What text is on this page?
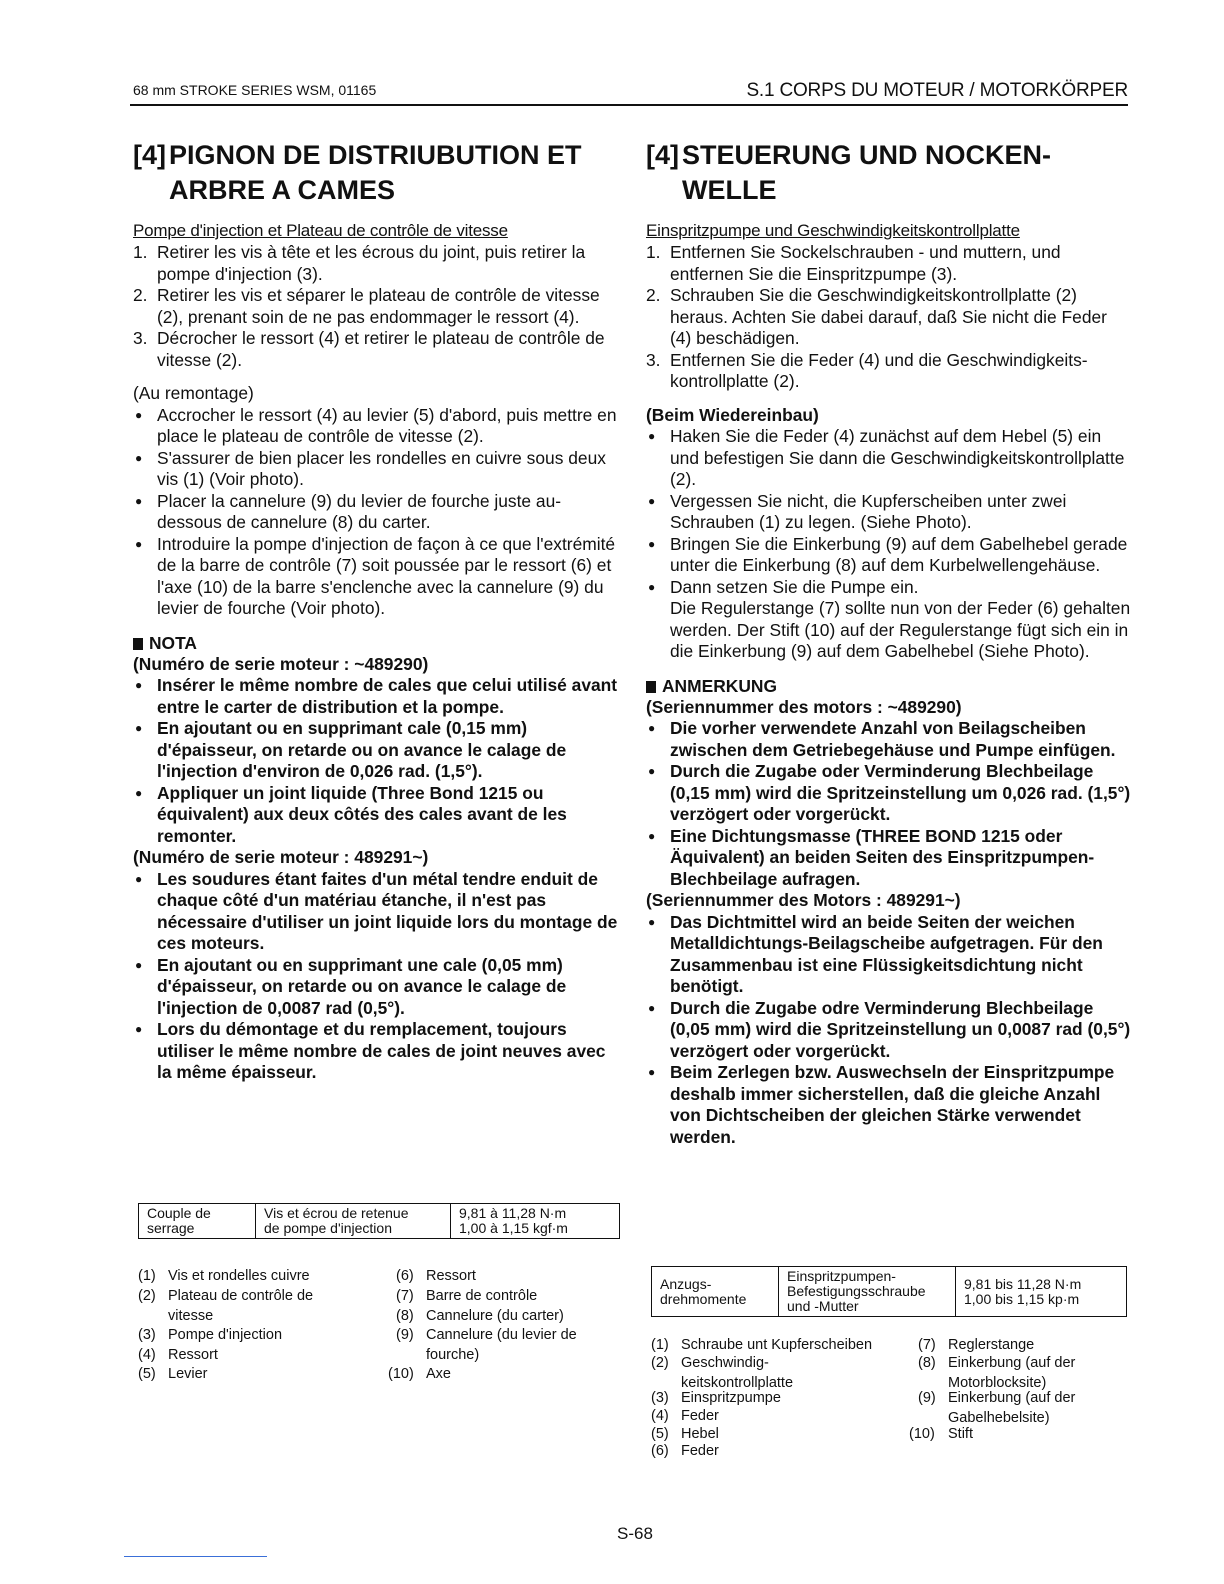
68 mm STROKE SERIES WSM, 01165	S.1 CORPS DU MOTEUR / MOTORKÖRPER
[4] PIGNON DE DISTRIUBUTION ET
ARBRE A CAMES
Pompe d'injection et Plateau de contrôle de vitesse
1. Retirer les vis à tête et les écrous du joint, puis retirer la pompe d'injection (3).
2. Retirer les vis et séparer le plateau de contrôle de vitesse (2), prenant soin de ne pas endommager le ressort (4).
3. Décrocher le ressort (4) et retirer le plateau de contrôle de vitesse (2).
(Au remontage)
● Accrocher le ressort (4) au levier (5) d'abord, puis mettre en place le plateau de contrôle de vitesse (2).
● S'assurer de bien placer les rondelles en cuivre sous deux vis (1) (Voir photo).
● Placer la cannelure (9) du levier de fourche juste au-dessous de cannelure (8) du carter.
● Introduire la pompe d'injection de façon à ce que l'extrémité de la barre de contrôle (7) soit poussée par le ressort (6) et l'axe (10) de la barre s'enclenche avec la cannelure (9) du levier de fourche (Voir photo).
NOTA
(Numéro de serie moteur : ~489290)
● Insérer le même nombre de cales que celui utilisé avant entre le carter de distribution et la pompe.
● En ajoutant ou en supprimant cale (0,15 mm) d'épaisseur, on retarde ou on avance le calage de l'injection d'environ de 0,026 rad. (1,5°).
● Appliquer un joint liquide (Three Bond 1215 ou équivalent) aux deux côtés des cales avant de les remonter.
(Numéro de serie moteur : 489291~)
● Les soudures étant faites d'un métal tendre enduit de chaque côté d'un matériau étanche, il n'est pas nécessaire d'utiliser un joint liquide lors du montage de ces moteurs.
● En ajoutant ou en supprimant une cale (0,05 mm) d'épaisseur, on retarde ou on avance le calage de l'injection de 0,0087 rad (0,5°).
● Lors du démontage et du remplacement, toujours utiliser le même nombre de cales de joint neuves avec la même épaisseur.
Couple de
serrage

Vis et écrou de retenue
de pompe d'injection

9,81 à 11,28 N·m
1,00 à 1,15 kgf·m
(1) Vis et rondelles cuivre
(2) Plateau de contrôle de
vitesse
(3) Pompe d'injection
(4) Ressort
(5) Levier
(6) Ressort
(7) Barre de contrôle
(8) Cannelure (du carter)
(9) Cannelure (du levier de
fourche)
(10) Axe
[4] STEUERUNG UND NOCKEN-
WELLE
Einspritzpumpe und Geschwindigkeitskontrollplatte
1. Entfernen Sie Sockelschrauben - und muttern, und entfernen Sie die Einspritzpumpe (3).
2. Schrauben Sie die Geschwindigkeitskontrollplatte (2) heraus. Achten Sie dabei darauf, daß Sie nicht die Feder (4) beschädigen.
3. Entfernen Sie die Feder (4) und die Geschwindigkeits-kontrollplatte (2).
(Beim Wiedereinbau)
● Haken Sie die Feder (4) zunächst auf dem Hebel (5) ein und befestigen Sie dann die Geschwindigkeitskontrollplatte (2).
● Vergessen Sie nicht, die Kupferscheiben unter zwei Schrauben (1) zu legen. (Siehe Photo).
● Bringen Sie die Einkerbung (9) auf dem Gabelhebel gerade unter die Einkerbung (8) auf dem Kurbelwellengehäuse.
● Dann setzen Sie die Pumpe ein.
Die Regulerstange (7) sollte nun von der Feder (6) gehalten werden. Der Stift (10) auf der Regulerstange fügt sich ein in die Einkerbung (9) auf dem Gabelhebel (Siehe Photo).
ANMERKUNG
(Seriennummer des motors : ~489290)
● Die vorher verwendete Anzahl von Beilagscheiben zwischen dem Getriebegehäuse und Pumpe einfügen.
● Durch die Zugabe oder Verminderung Blechbeilage (0,15 mm) wird die Spritzeinstellung um 0,026 rad. (1,5°) verzögert oder vorgerückt.
● Eine Dichtungsmasse (THREE BOND 1215 oder Äquivalent) an beiden Seiten des Einspritzpumpen-Blechbeilage aufragen.
(Seriennummer des Motors : 489291~)
● Das Dichtmittel wird an beide Seiten der weichen Metalldichtungs-Beilagscheibe aufgetragen. Für den Zusammenbau ist eine Flüssigkeitsdichtung nicht benötigt.
● Durch die Zugabe odre Verminderung Blechbeilage (0,05 mm) wird die Spritzeinstellung un 0,0087 rad (0,5°) verzögert oder vorgerückt.
● Beim Zerlegen bzw. Auswechseln der Einspritzpumpe deshalb immer sicherstellen, daß die gleiche Anzahl von Dichtscheiben der gleichen Stärke verwendet werden.
Anzugs-
drehmomente

Einspritzpumpen-
Befestigungsschraube
und -Mutter

9,81 bis 11,28 N·m
1,00 bis 1,15 kp·m
(1) Schraube unt Kupferscheiben
(2) Geschwindig-
keitskontrollplatte
(3) Einspritzpumpe
(4) Feder
(5) Hebel
(6) Feder
(7) Reglerstange
(8) Einkerbung (auf der
Motorblocksite)
(9) Einkerbung (auf der
Gabelhebelsite)
(10) Stift
S-68
